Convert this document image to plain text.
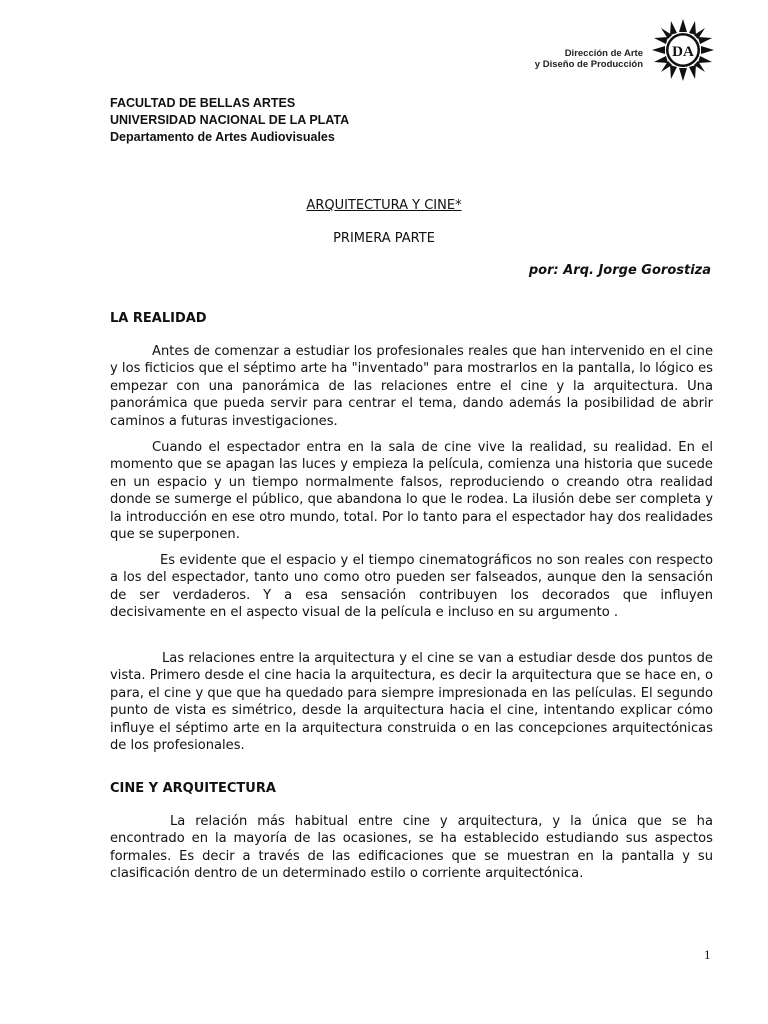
Dirección de Arte
y Diseño de Producción
DA
FACULTAD DE BELLAS ARTES
UNIVERSIDAD NACIONAL DE LA PLATA
Departamento de Artes Audiovisuales
ARQUITECTURA Y CINE*
PRIMERA PARTE
por: Arq. Jorge Gorostiza
LA REALIDAD

Antes de comenzar a estudiar los profesionales reales que han intervenido en el cine y los ficticios que el séptimo arte ha "inventado" para mostrarlos en la pantalla, lo lógico es empezar con una panorámica de las relaciones entre el cine y la arquitectura. Una panorámica que pueda servir para centrar el tema, dando además la posibilidad de abrir caminos a futuras investigaciones.

Cuando el espectador entra en la sala de cine vive la realidad, su realidad. En el momento que se apagan las luces y empieza la película, comienza una historia que sucede en un espacio y un tiempo normalmente falsos, reproduciendo o creando otra realidad donde se sumerge el público, que abandona lo que le rodea. La ilusión debe ser completa y la introducción en ese otro mundo, total. Por lo tanto para el espectador hay dos realidades que se superponen.

Es evidente que el espacio y el tiempo cinematográficos no son reales con respecto a los del espectador, tanto uno como otro pueden ser falseados, aunque den la sensación de ser verdaderos. Y a esa sensación contribuyen los decorados que influyen decisivamente en el aspecto visual de la película e incluso en su argumento .

Las relaciones entre la arquitectura y el cine se van a estudiar desde dos puntos de vista. Primero desde el cine hacia la arquitectura, es decir la arquitectura que se hace en, o para, el cine y que que ha quedado para siempre impresionada en las películas. El segundo punto de vista es simétrico, desde la arquitectura hacia el cine, intentando explicar cómo influye el séptimo arte en la arquitectura construida o en las concepciones arquitectónicas de los profesionales.

CINE Y ARQUITECTURA

La relación más habitual entre cine y arquitectura, y la única que se ha encontrado en la mayoría de las ocasiones, se ha establecido estudiando sus aspectos formales. Es decir a través de las edificaciones que se muestran en la pantalla y su clasificación dentro de un determinado estilo o corriente arquitectónica.

1
